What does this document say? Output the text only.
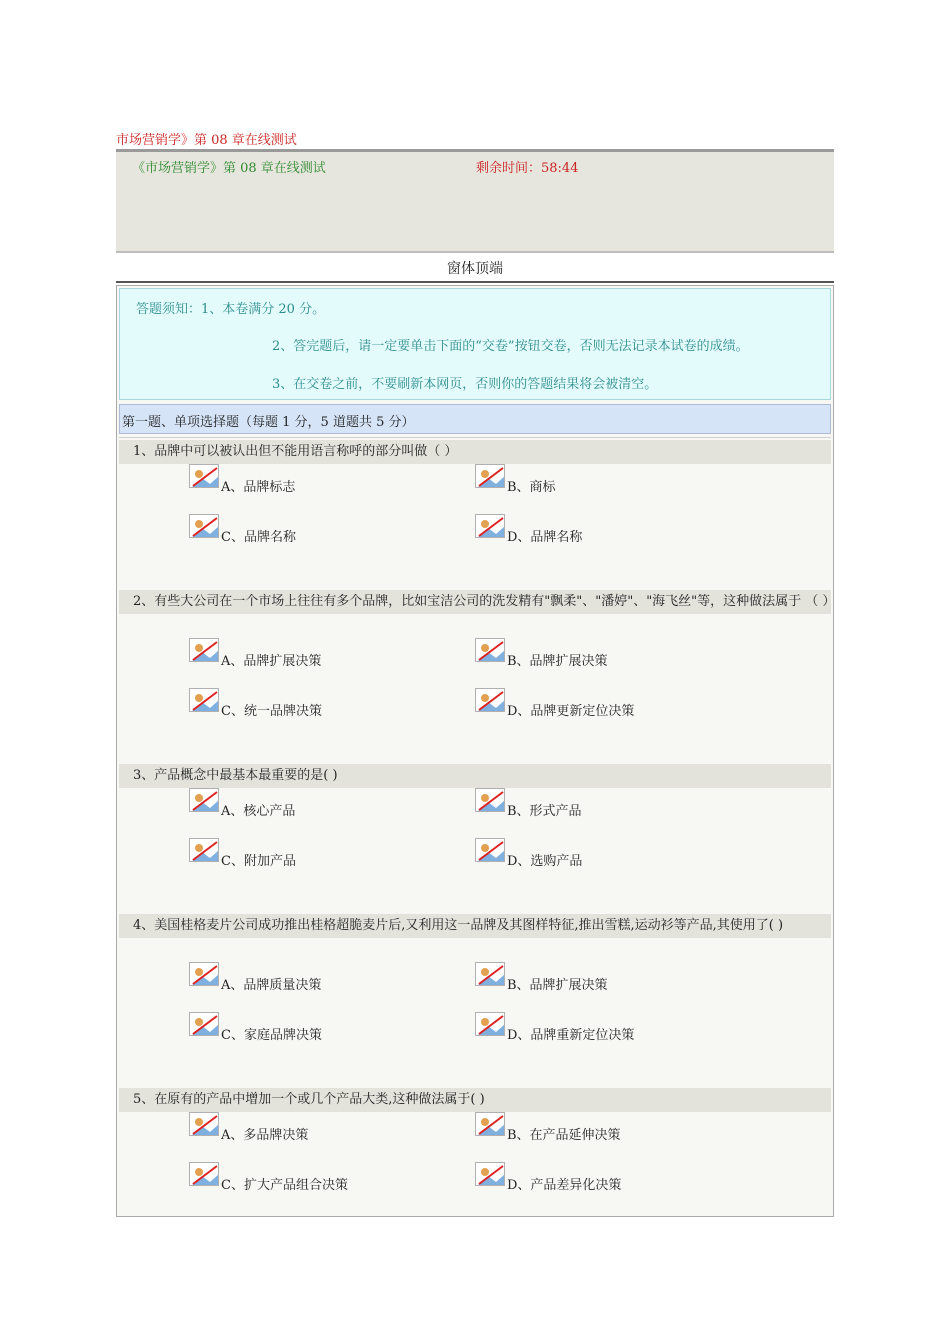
市场营销学》第 08 章在线测试
《市场营销学》第 08 章在线测试	剩余时间：58:44
窗体顶端
答题须知：1、本卷满分 20 分。
2、答完题后，请一定要单击下面的“交卷”按钮交卷，否则无法记录本试卷的成绩。
3、在交卷之前，不要刷新本网页，否则你的答题结果将会被清空。
第一题、单项选择题（每题 1 分，5 道题共 5 分）
1、品牌中可以被认出但不能用语言称呼的部分叫做（ ）
A、品牌标志	B、商标
C、品牌名称	D、品牌名称
2、有些大公司在一个市场上往往有多个品牌，比如宝洁公司的洗发精有"飘柔"、"潘婷"、"海飞丝"等，这种做法属于 （ ）
A、品牌扩展决策	B、品牌扩展决策
C、统一品牌决策	D、品牌更新定位决策
3、产品概念中最基本最重要的是( )
A、核心产品	B、形式产品
C、附加产品	D、选购产品
4、美国桂格麦片公司成功推出桂格超脆麦片后,又利用这一品牌及其图样特征,推出雪糕,运动衫等产品,其使用了( )
A、品牌质量决策	B、品牌扩展决策
C、家庭品牌决策	D、品牌重新定位决策
5、在原有的产品中增加一个或几个产品大类,这种做法属于( )
A、多品牌决策	B、在产品延伸决策
C、扩大产品组合决策	D、产品差异化决策
